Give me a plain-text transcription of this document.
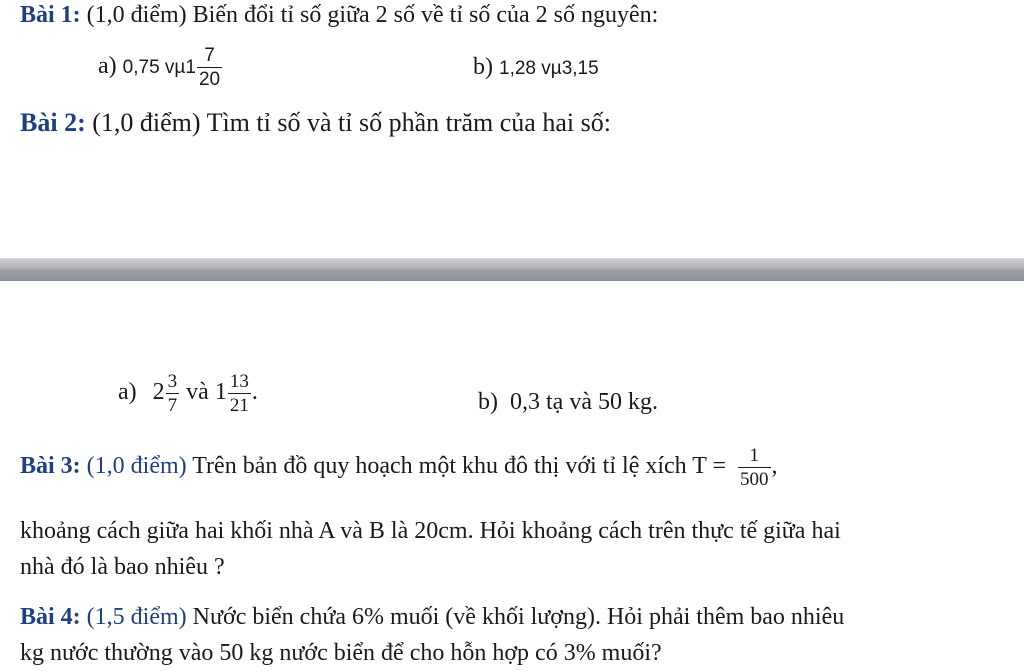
Bài 1: (1,0 điểm) Biến đổi tỉ số giữa 2 số về tỉ số của 2 số nguyên:
a) 0,75 $v\mu 1 \frac{7}{20}$	b) 1,28 vµ3,15
Bài 2: (1,0 điểm) Tìm tỉ số và tỉ số phần trăm của hai số:
a) $2 \frac{3}{7}$ và $1 \frac{13}{21}$ .	b) 0,3 tạ và 50 kg.
Bài 3: (1,0 điểm) Trên bản đồ quy hoạch một khu đô thị với tỉ lệ xích $T = \frac{1}{500}$ ,
khoảng cách giữa hai khối nhà A và B là 20cm. Hỏi khoảng cách trên thực tế giữa hai
nhà đó là bao nhiêu ?
Bài 4: (1,5 điểm) Nước biển chứa 6% muối (về khối lượng). Hỏi phải thêm bao nhiêu
kg nước thường vào 50 kg nước biển để cho hỗn hợp có 3% muối?
